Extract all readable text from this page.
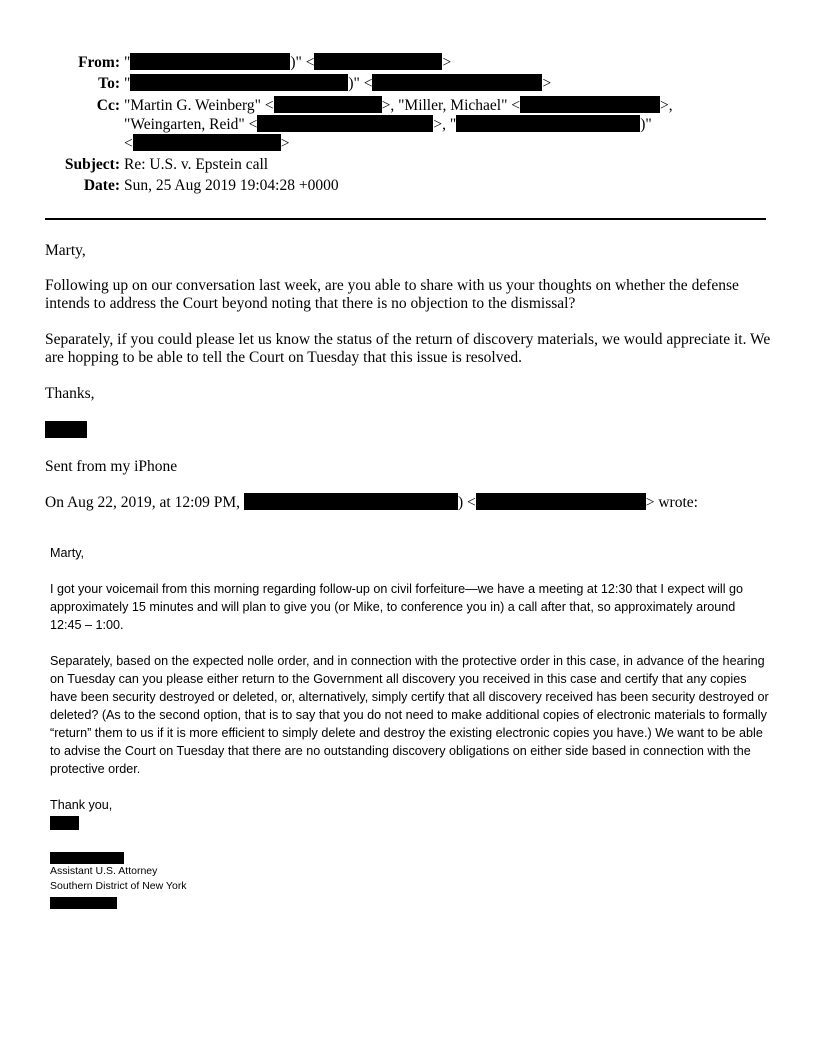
From: "	)" <	>
To: "	)" <	>
Cc: "Martin G. Weinberg" <	>, "Miller, Michael" <	>,
"Weingarten, Reid" <	>, "	)"
<	>
Subject: Re: U.S. v. Epstein call
Date: Sun, 25 Aug 2019 19:04:28 +0000
Marty,
Following up on our conversation last week, are you able to share with us your thoughts on whether the defense intends to address the Court beyond noting that there is no objection to the dismissal?
Separately, if you could please let us know the status of the return of discovery materials, we would appreciate it. We are hopping to be able to tell the Court on Tuesday that this issue is resolved.
Thanks,
Sent from my iPhone
On Aug 22, 2019, at 12:09 PM,	) <	> wrote:
Marty,
I got your voicemail from this morning regarding follow-up on civil forfeiture—we have a meeting at 12:30 that I expect will go approximately 15 minutes and will plan to give you (or Mike, to conference you in) a call after that, so approximately around 12:45 – 1:00.
Separately, based on the expected nolle order, and in connection with the protective order in this case, in advance of the hearing on Tuesday can you please either return to the Government all discovery you received in this case and certify that any copies have been security destroyed or deleted, or, alternatively, simply certify that all discovery received has been security destroyed or deleted? (As to the second option, that is to say that you do not need to make additional copies of electronic materials to formally “return” them to us if it is more efficient to simply delete and destroy the existing electronic copies you have.) We want to be able to advise the Court on Tuesday that there are no outstanding discovery obligations on either side based in connection with the protective order.
Thank you,
Assistant U.S. Attorney
Southern District of New York
